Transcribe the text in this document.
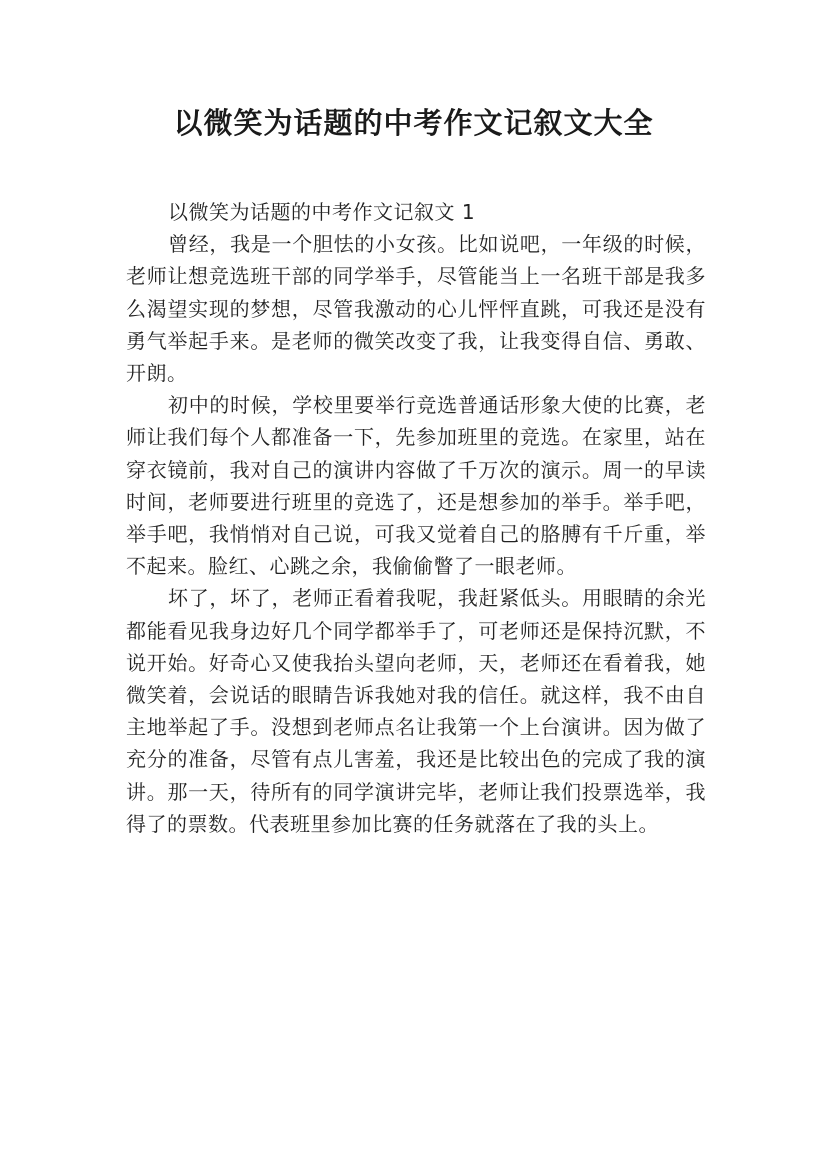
以微笑为话题的中考作文记叙文大全

以微笑为话题的中考作文记叙文 1

曾经，我是一个胆怯的小女孩。比如说吧，一年级的时候，老师让想竞选班干部的同学举手，尽管能当上一名班干部是我多么渴望实现的梦想，尽管我激动的心儿怦怦直跳，可我还是没有勇气举起手来。是老师的微笑改变了我，让我变得自信、勇敢、开朗。

初中的时候，学校里要举行竞选普通话形象大使的比赛，老师让我们每个人都准备一下，先参加班里的竞选。在家里，站在穿衣镜前，我对自己的演讲内容做了千万次的演示。周一的早读时间，老师要进行班里的竞选了，还是想参加的举手。举手吧，举手吧，我悄悄对自己说，可我又觉着自己的胳膊有千斤重，举不起来。脸红、心跳之余，我偷偷瞥了一眼老师。

坏了，坏了，老师正看着我呢，我赶紧低头。用眼睛的余光都能看见我身边好几个同学都举手了，可老师还是保持沉默，不说开始。好奇心又使我抬头望向老师，天，老师还在看着我，她微笑着，会说话的眼睛告诉我她对我的信任。就这样，我不由自主地举起了手。没想到老师点名让我第一个上台演讲。因为做了充分的准备，尽管有点儿害羞，我还是比较出色的完成了我的演讲。那一天，待所有的同学演讲完毕，老师让我们投票选举，我得了的票数。代表班里参加比赛的任务就落在了我的头上。
